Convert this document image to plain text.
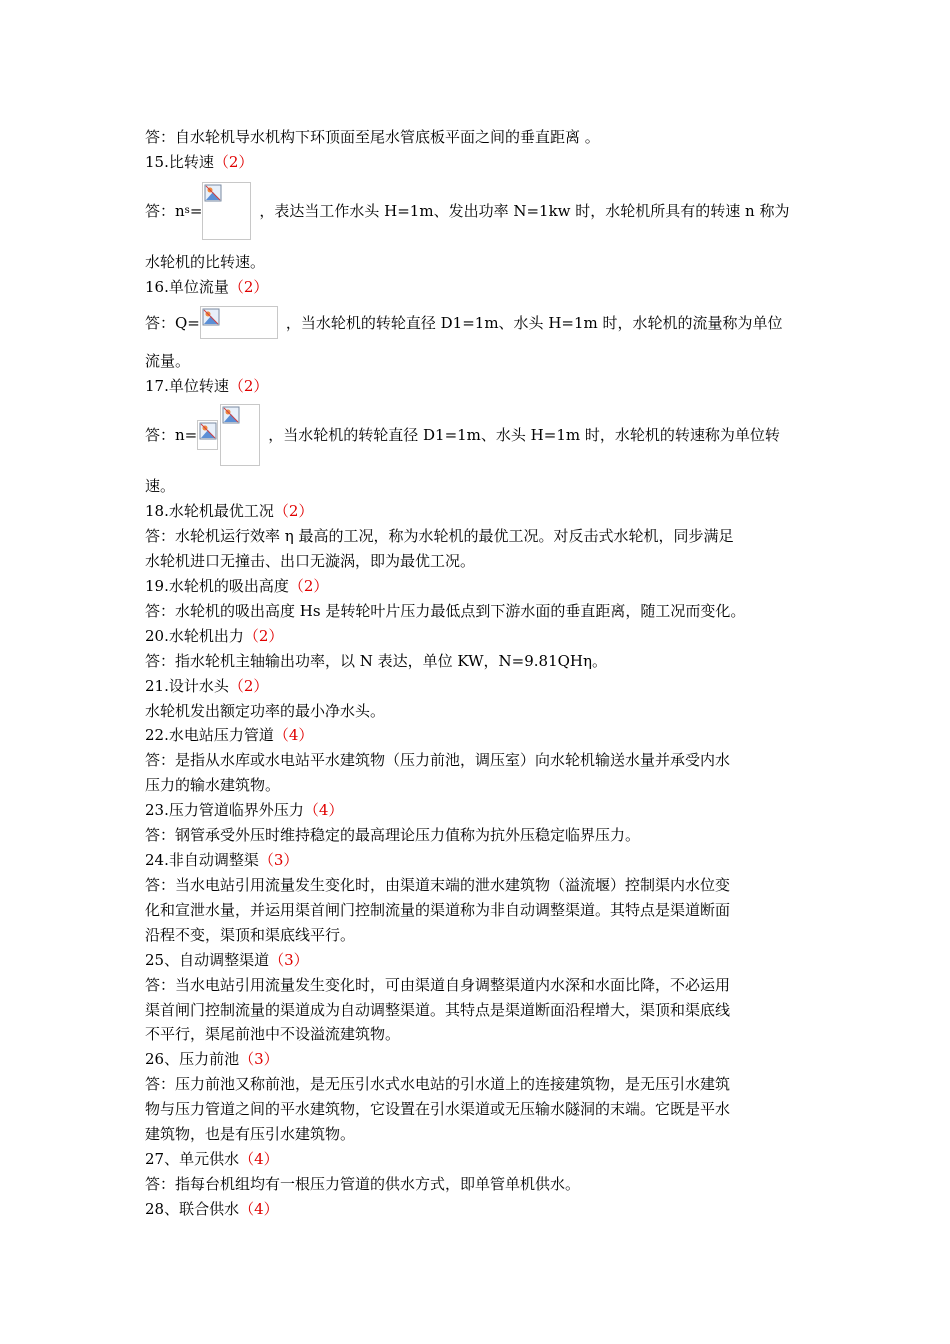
答：自水轮机导水机构下环顶面至尾水管底板平面之间的垂直距离 。
15.比转速（2）
答：n s =	，表达当工作水头 H=1m、发出功率 N=1kw 时，水轮机所具有的转速 n 称为
水轮机的比转速。
16.单位流量（2）
答：Q=	，当水轮机的转轮直径 D1=1m、水头 H=1m 时，水轮机的流量称为单位
流量。
17.单位转速（2）
答：n=	，当水轮机的转轮直径 D1=1m、水头 H=1m 时，水轮机的转速称为单位转
速。
18.水轮机最优工况（2）
答：水轮机运行效率 η 最高的工况，称为水轮机的最优工况。对反击式水轮机，同步满足
水轮机进口无撞击、出口无漩涡，即为最优工况。
19.水轮机的吸出高度（2）
答：水轮机的吸出高度 Hs 是转轮叶片压力最低点到下游水面的垂直距离，随工况而变化。
20.水轮机出力（2）
答：指水轮机主轴输出功率，以 N 表达，单位 KW，N=9.81QHη。
21.设计水头（2）
水轮机发出额定功率的最小净水头。
22.水电站压力管道（4）
答：是指从水库或水电站平水建筑物（压力前池，调压室）向水轮机输送水量并承受内水
压力的输水建筑物。
23.压力管道临界外压力（4）
答：钢管承受外压时维持稳定的最高理论压力值称为抗外压稳定临界压力。
24.非自动调整渠（3）
答：当水电站引用流量发生变化时，由渠道末端的泄水建筑物（溢流堰）控制渠内水位变
化和宣泄水量，并运用渠首闸门控制流量的渠道称为非自动调整渠道。其特点是渠道断面
沿程不变，渠顶和渠底线平行。
25、自动调整渠道（3）
答：当水电站引用流量发生变化时，可由渠道自身调整渠道内水深和水面比降，不必运用
渠首闸门控制流量的渠道成为自动调整渠道。其特点是渠道断面沿程增大，渠顶和渠底线
不平行，渠尾前池中不设溢流建筑物。
26、压力前池（3）
答：压力前池又称前池，是无压引水式水电站的引水道上的连接建筑物，是无压引水建筑
物与压力管道之间的平水建筑物，它设置在引水渠道或无压输水隧洞的末端。它既是平水
建筑物，也是有压引水建筑物。
27、单元供水（4）
答：指每台机组均有一根压力管道的供水方式，即单管单机供水。
28、联合供水（4）
